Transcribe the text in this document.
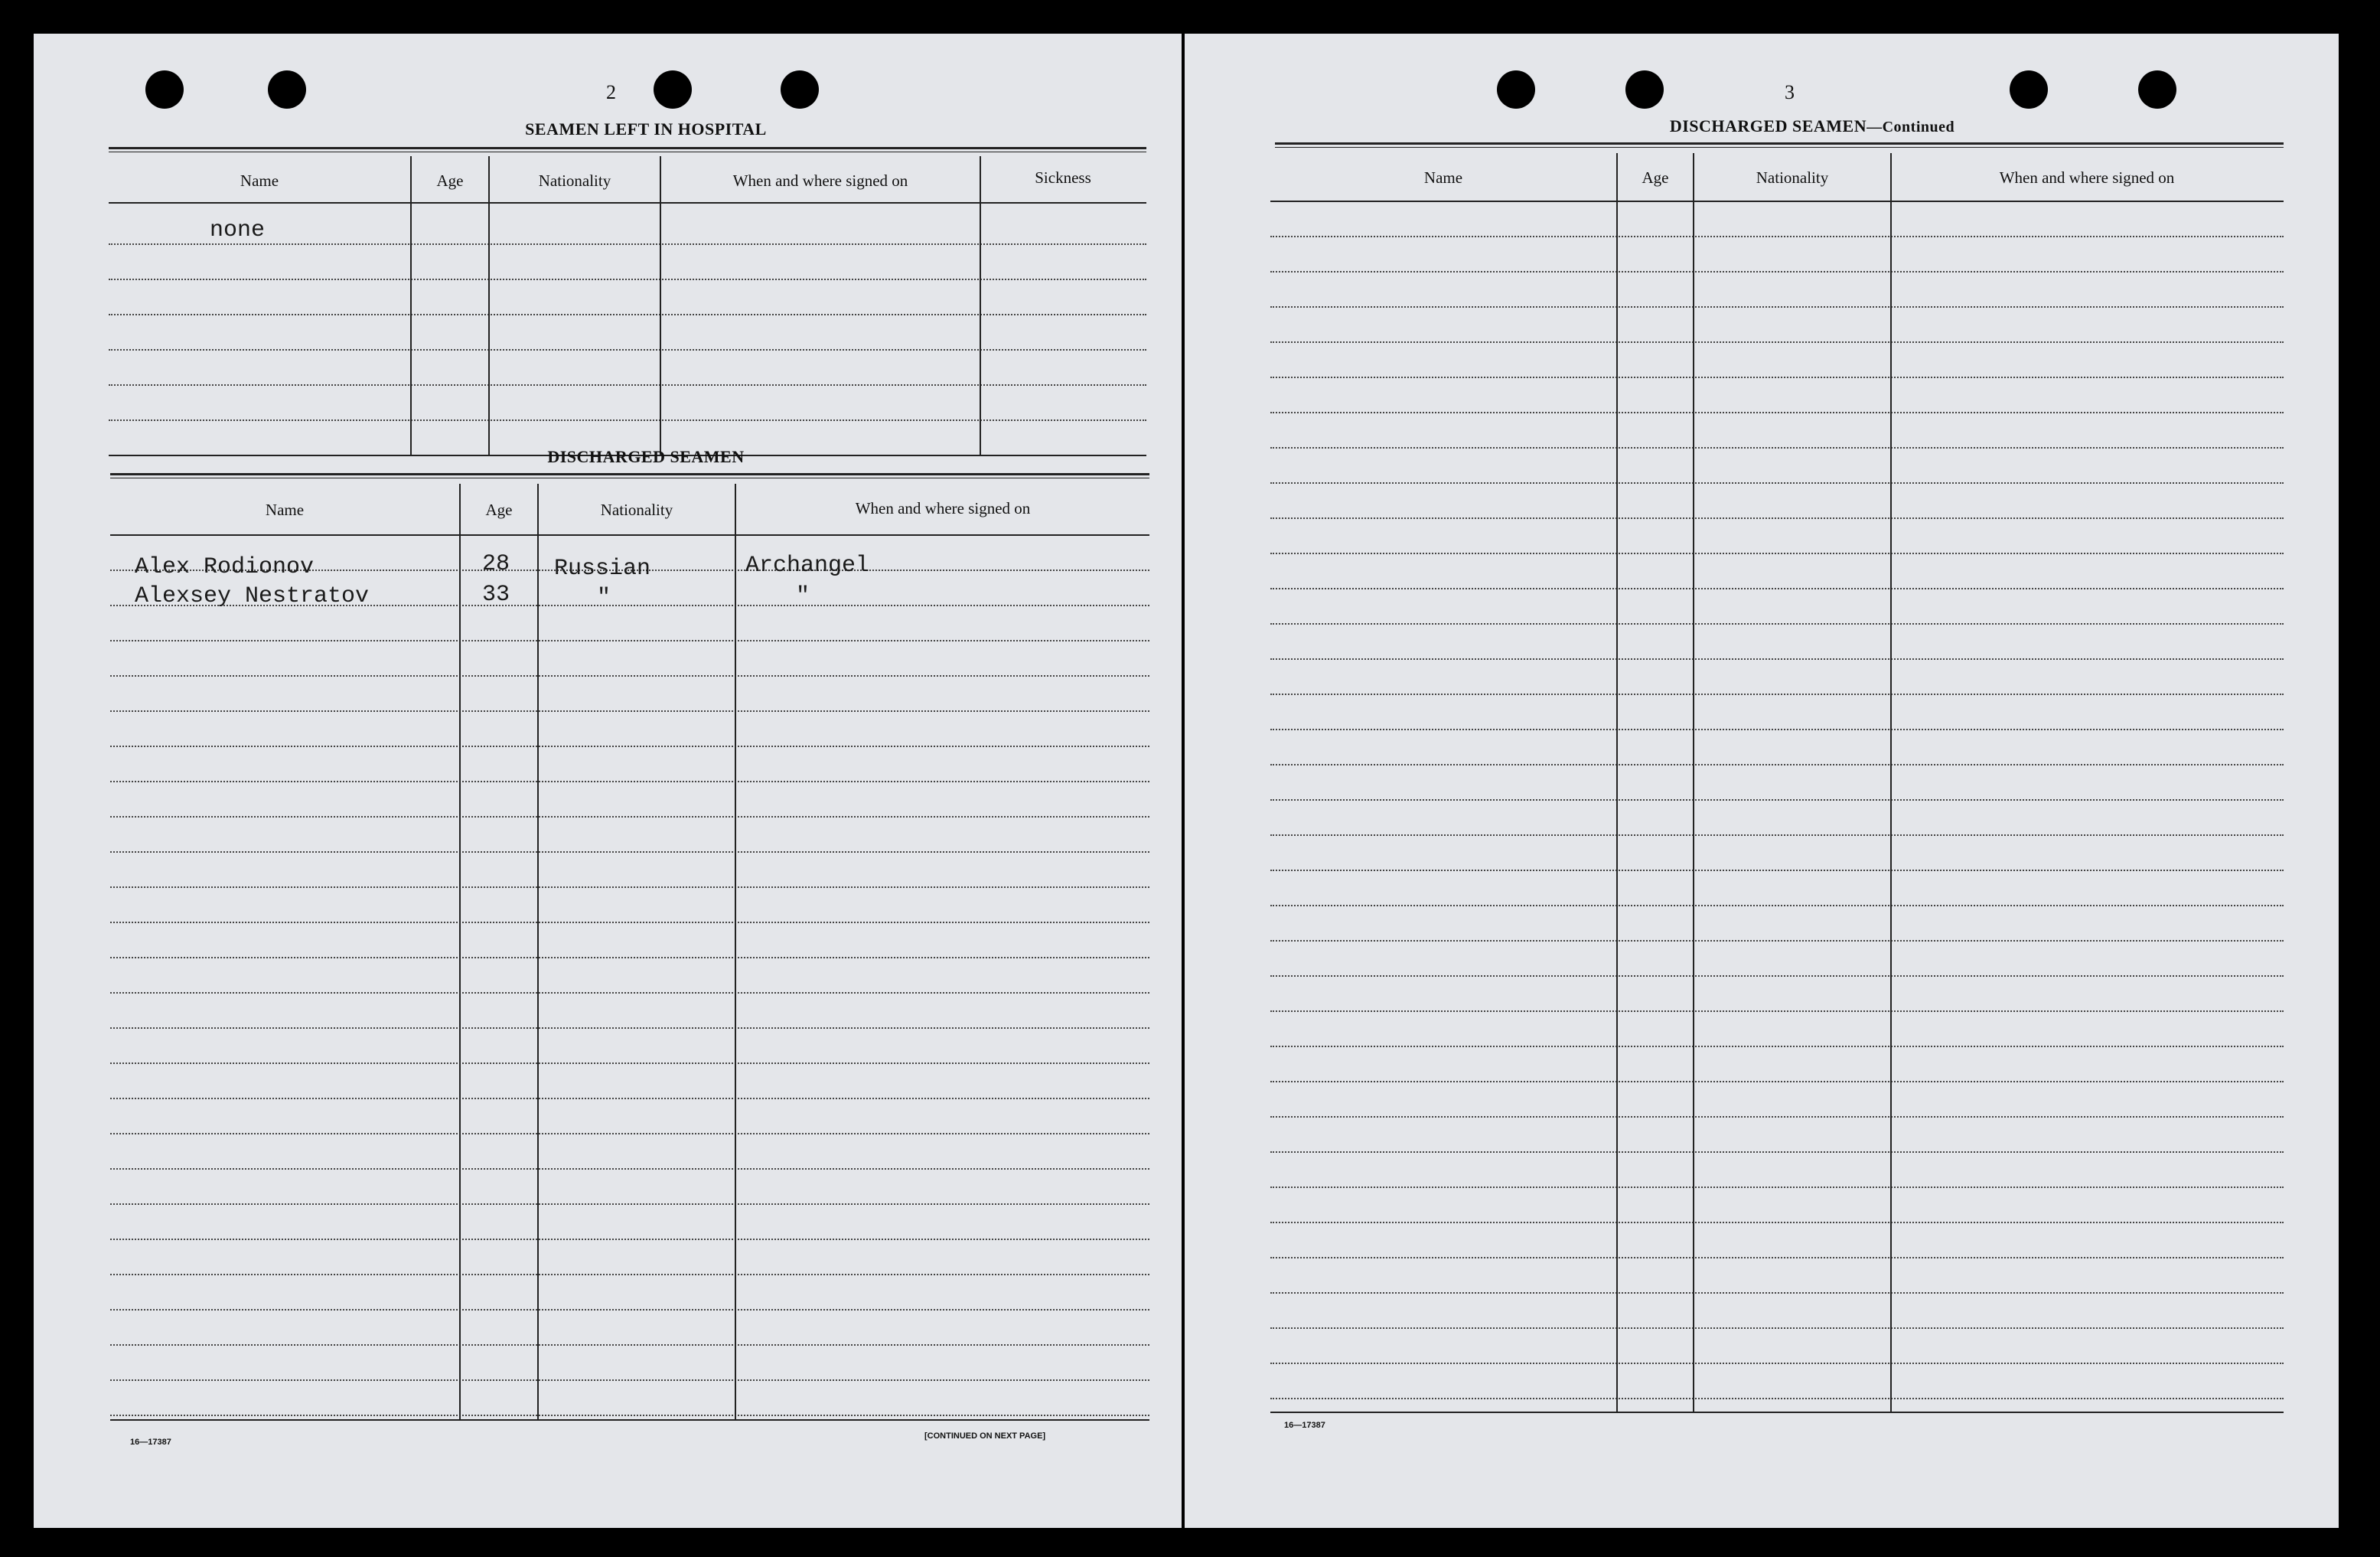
2
SEAMEN LEFT IN HOSPITAL
Name	Age	Nationality	When and where signed on	Sickness
none
DISCHARGED SEAMEN
Name	Age	Nationality	When and where signed on
Alex Rodionov	28 Russian	Archangel
Alexsey Nestratov	33	"	"
16—17387
[CONTINUED ON NEXT PAGE]
3
DISCHARGED SEAMEN—Continued
Name	Age	Nationality	When and where signed on
16—17387
